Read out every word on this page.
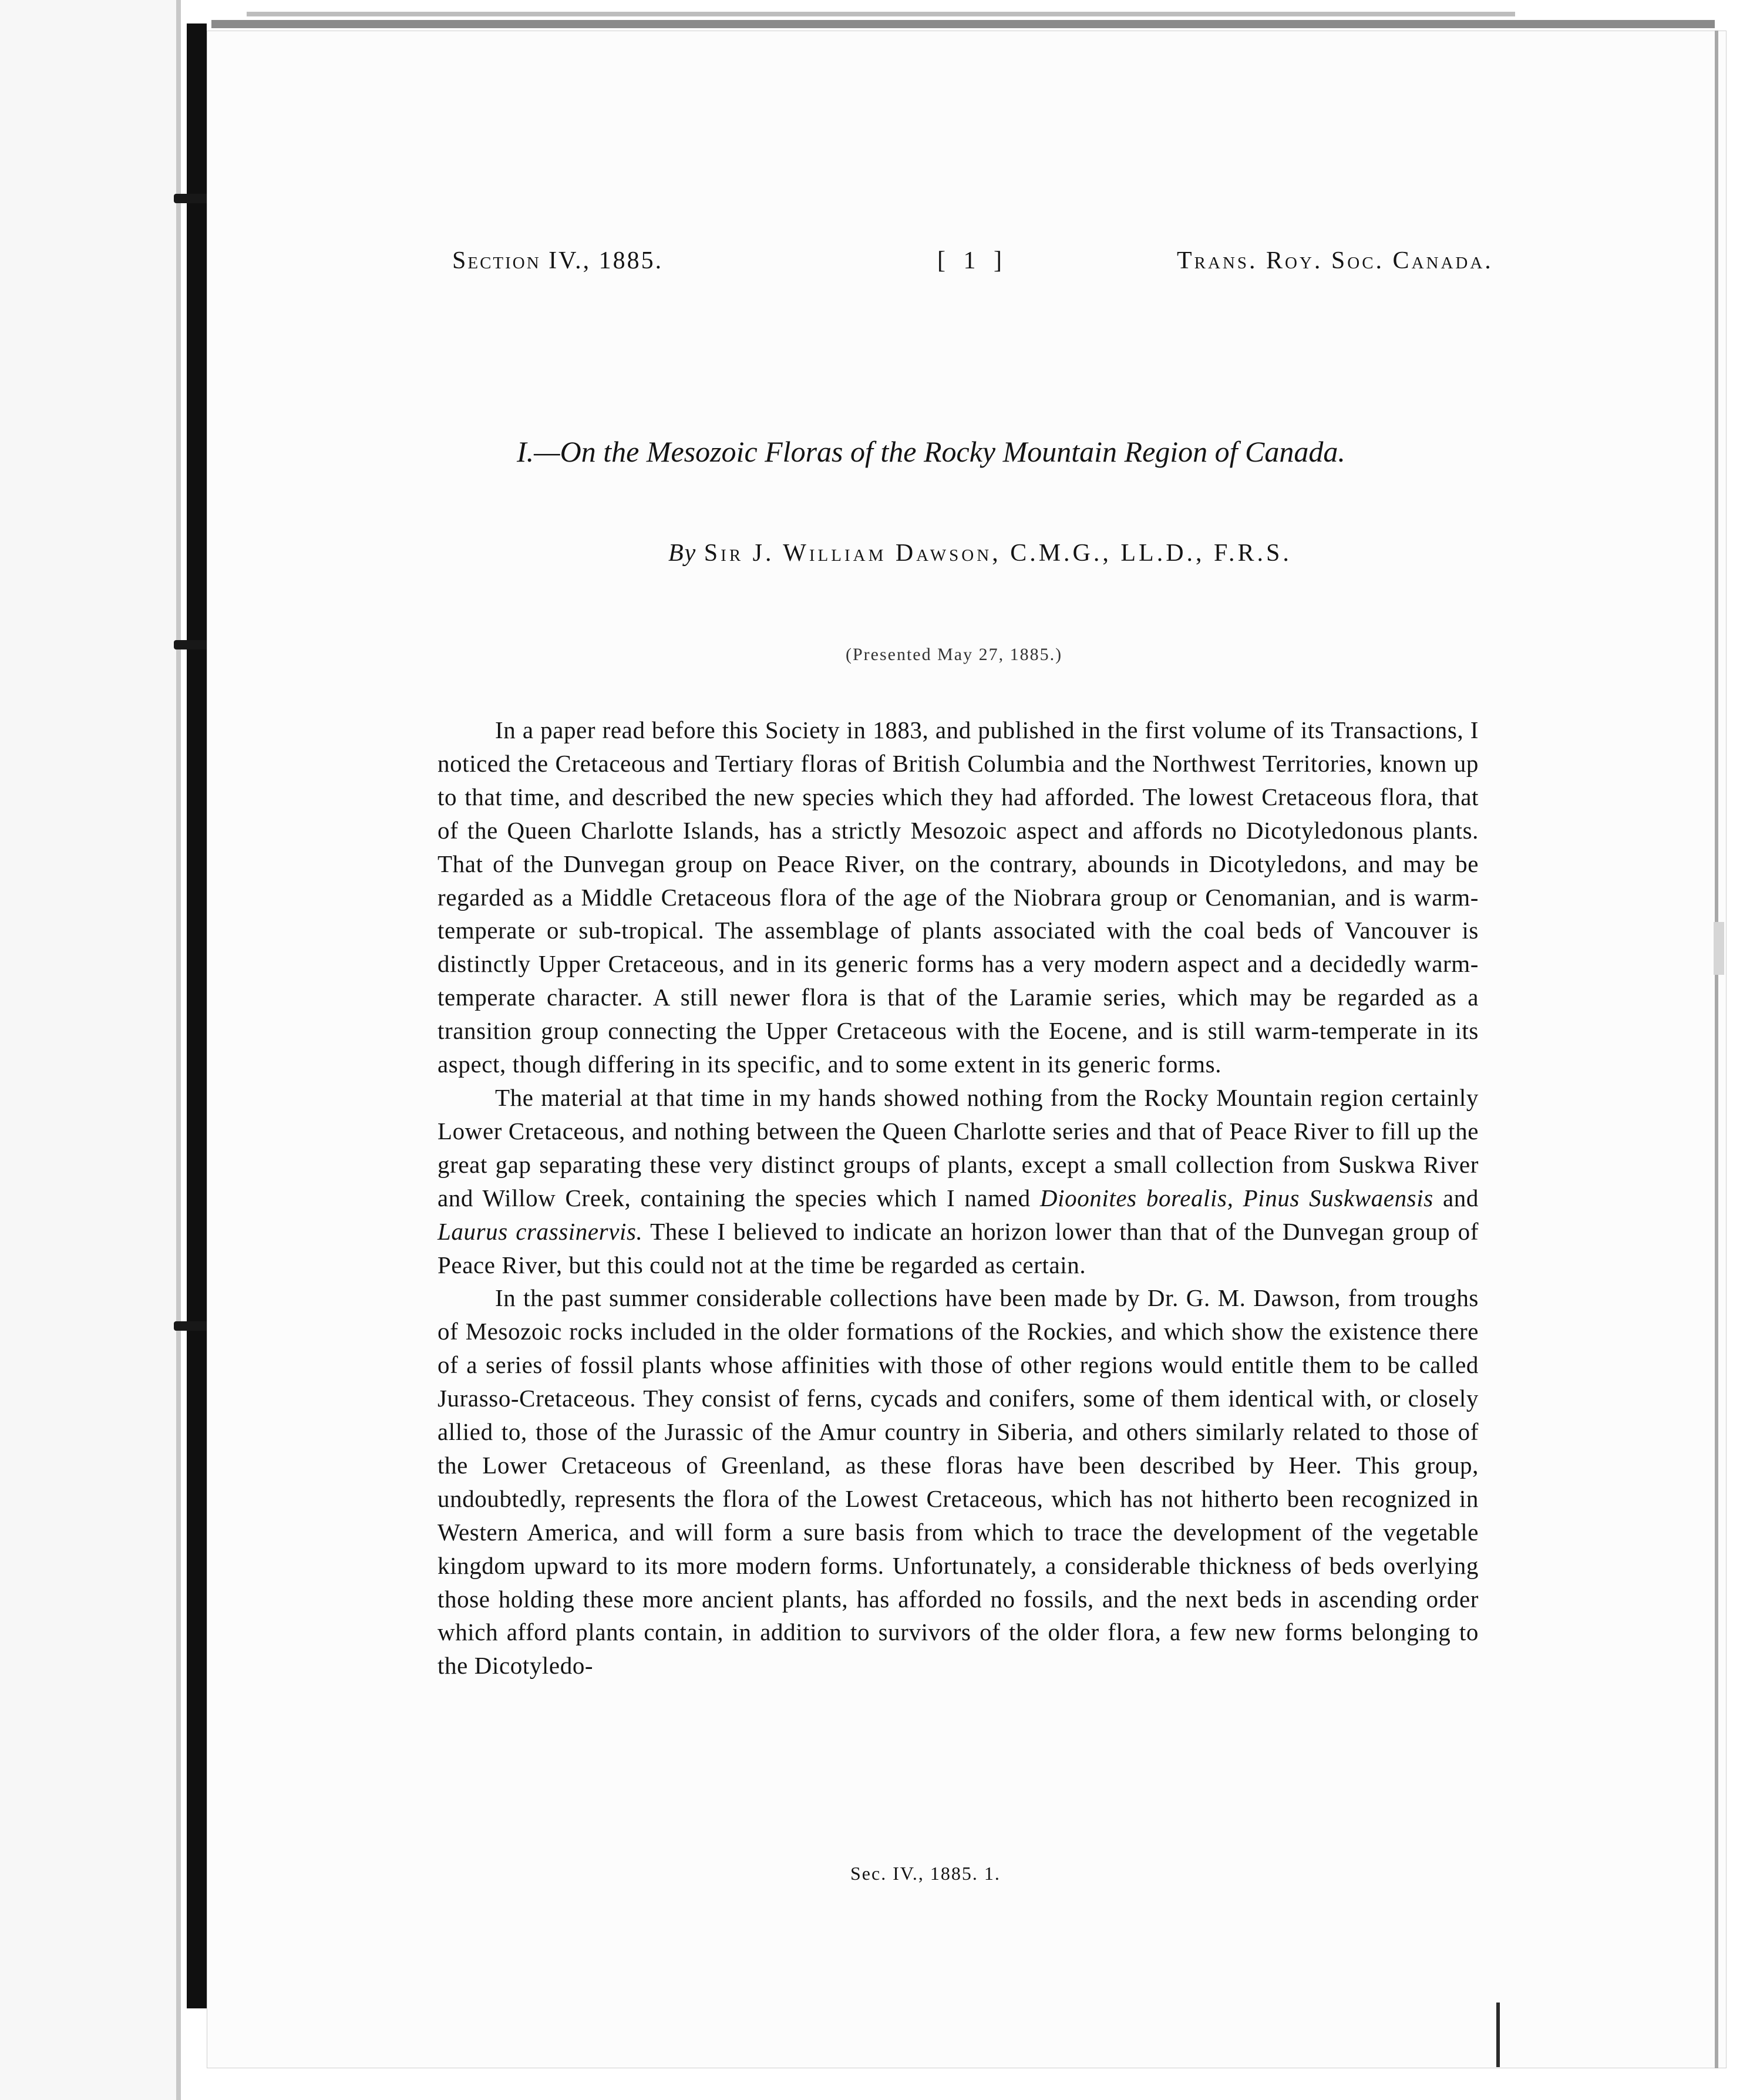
Section IV., 1885.	[ 1 ]	Trans. Roy. Soc. Canada.
I.—On the Mesozoic Floras of the Rocky Mountain Region of Canada.
By Sir J. William Dawson, C.M.G., LL.D., F.R.S.
(Presented May 27, 1885.)

In a paper read before this Society in 1883, and published in the first volume of its Transactions, I noticed the Cretaceous and Tertiary floras of British Columbia and the Northwest Territories, known up to that time, and described the new species which they had afforded. The lowest Cretaceous flora, that of the Queen Charlotte Islands, has a strictly Mesozoic aspect and affords no Dicotyledonous plants. That of the Dunvegan group on Peace River, on the contrary, abounds in Dicotyledons, and may be regarded as a Middle Cretaceous flora of the age of the Niobrara group or Cenomanian, and is warm-temperate or sub-tropical. The assemblage of plants associated with the coal beds of Vancouver is distinctly Upper Cretaceous, and in its generic forms has a very modern aspect and a decidedly warm-temperate character. A still newer flora is that of the Laramie series, which may be regarded as a transition group connecting the Upper Cretaceous with the Eocene, and is still warm-temperate in its aspect, though differing in its specific, and to some extent in its generic forms.

The material at that time in my hands showed nothing from the Rocky Mountain region certainly Lower Cretaceous, and nothing between the Queen Charlotte series and that of Peace River to fill up the great gap separating these very distinct groups of plants, except a small collection from Suskwa River and Willow Creek, containing the species which I named Dioonites borealis, Pinus Suskwaensis and Laurus crassinervis. These I believed to indicate an horizon lower than that of the Dunvegan group of Peace River, but this could not at the time be regarded as certain.

In the past summer considerable collections have been made by Dr. G. M. Dawson, from troughs of Mesozoic rocks included in the older formations of the Rockies, and which show the existence there of a series of fossil plants whose affinities with those of other regions would entitle them to be called Jurasso-Cretaceous. They consist of ferns, cycads and conifers, some of them identical with, or closely allied to, those of the Jurassic of the Amur country in Siberia, and others similarly related to those of the Lower Cretaceous of Greenland, as these floras have been described by Heer. This group, undoubtedly, represents the flora of the Lowest Cretaceous, which has not hitherto been recognized in Western America, and will form a sure basis from which to trace the development of the vegetable kingdom upward to its more modern forms. Unfortunately, a considerable thickness of beds overlying those holding these more ancient plants, has afforded no fossils, and the next beds in ascending order which afford plants contain, in addition to survivors of the older flora, a few new forms belonging to the Dicotyledo-

Sec. IV., 1885. 1.
